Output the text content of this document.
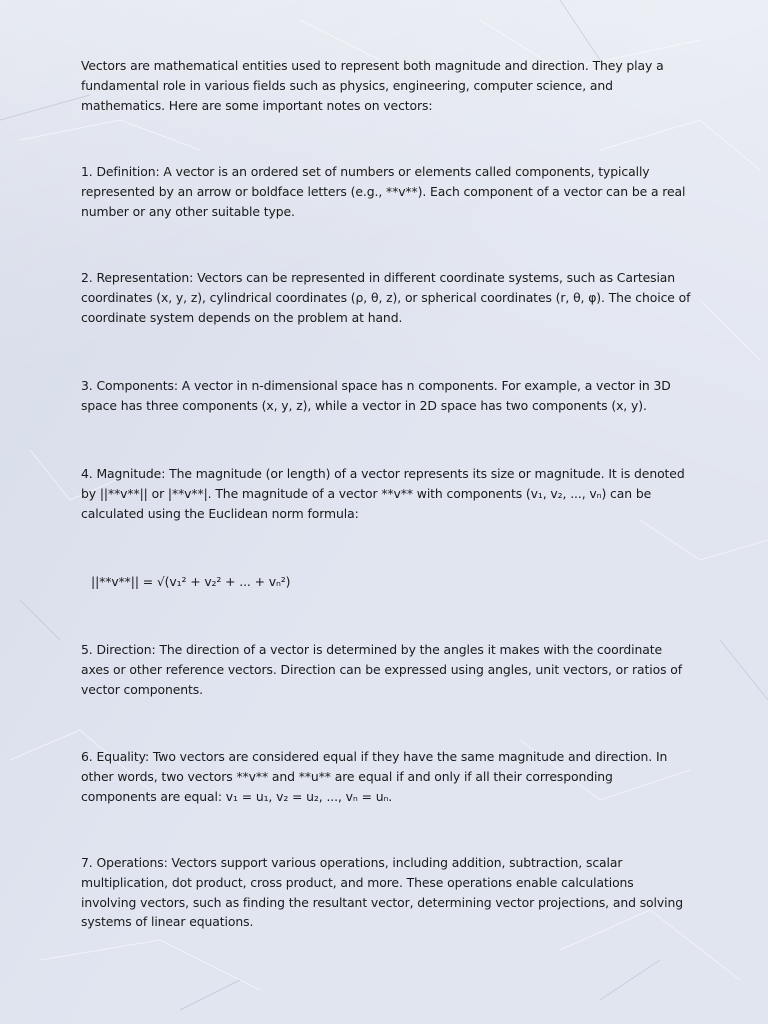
Vectors are mathematical entities used to represent both magnitude and direction. They play a fundamental role in various fields such as physics, engineering, computer science, and mathematics. Here are some important notes on vectors:

1. Definition: A vector is an ordered set of numbers or elements called components, typically represented by an arrow or boldface letters (e.g., **v**). Each component of a vector can be a real number or any other suitable type.

2. Representation: Vectors can be represented in different coordinate systems, such as Cartesian coordinates (x, y, z), cylindrical coordinates (ρ, θ, z), or spherical coordinates (r, θ, φ). The choice of coordinate system depends on the problem at hand.

3. Components: A vector in n-dimensional space has n components. For example, a vector in 3D space has three components (x, y, z), while a vector in 2D space has two components (x, y).

4. Magnitude: The magnitude (or length) of a vector represents its size or magnitude. It is denoted by ||**v**|| or |**v**|. The magnitude of a vector **v** with components (v₁, v₂, ..., vₙ) can be calculated using the Euclidean norm formula:

||**v**|| = √(v₁² + v₂² + ... + vₙ²)

5. Direction: The direction of a vector is determined by the angles it makes with the coordinate axes or other reference vectors. Direction can be expressed using angles, unit vectors, or ratios of vector components.

6. Equality: Two vectors are considered equal if they have the same magnitude and direction. In other words, two vectors **v** and **u** are equal if and only if all their corresponding components are equal: v₁ = u₁, v₂ = u₂, ..., vₙ = uₙ.

7. Operations: Vectors support various operations, including addition, subtraction, scalar multiplication, dot product, cross product, and more. These operations enable calculations involving vectors, such as finding the resultant vector, determining vector projections, and solving systems of linear equations.
